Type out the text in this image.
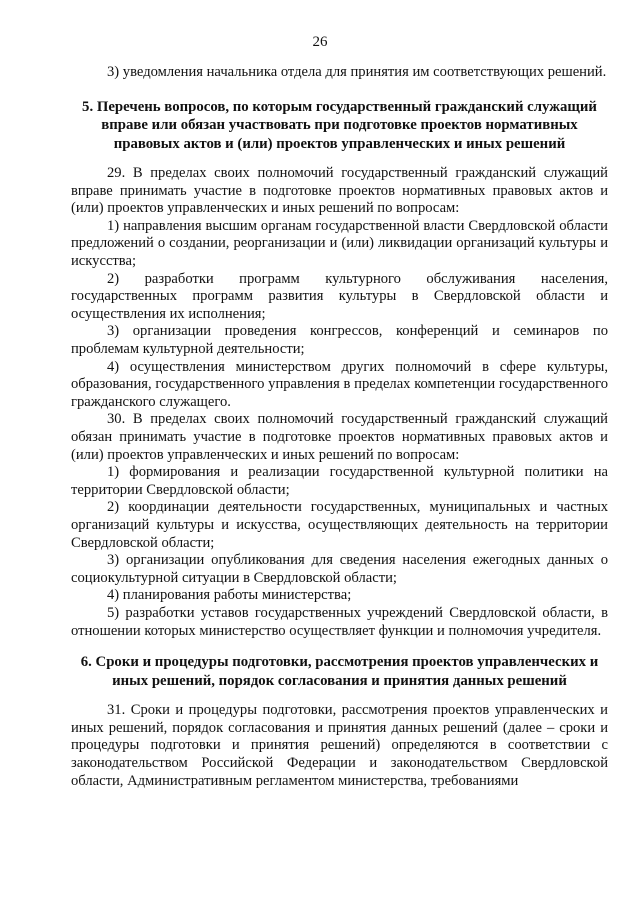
26

3) уведомления начальника отдела для принятия им соответствующих решений.

5. Перечень вопросов, по которым государственный гражданский служащий вправе или обязан участвовать при подготовке проектов нормативных правовых актов и (или) проектов управленческих и иных решений

29. В пределах своих полномочий государственный гражданский служащий вправе принимать участие в подготовке проектов нормативных правовых актов и (или) проектов управленческих и иных решений по вопросам:

1) направления высшим органам государственной власти Свердловской области предложений о создании, реорганизации и (или) ликвидации организаций культуры и искусства;

2) разработки программ культурного обслуживания населения, государственных программ развития культуры в Свердловской области и осуществления их исполнения;

3) организации проведения конгрессов, конференций и семинаров по проблемам культурной деятельности;

4) осуществления министерством других полномочий в сфере культуры, образования, государственного управления в пределах компетенции государственного гражданского служащего.

30. В пределах своих полномочий государственный гражданский служащий обязан принимать участие в подготовке проектов нормативных правовых актов и (или) проектов управленческих и иных решений по вопросам:

1) формирования и реализации государственной культурной политики на территории Свердловской области;

2) координации деятельности государственных, муниципальных и частных организаций культуры и искусства, осуществляющих деятельность на территории Свердловской области;

3) организации опубликования для сведения населения ежегодных данных о социокультурной ситуации в Свердловской области;

4) планирования работы министерства;

5) разработки уставов государственных учреждений Свердловской области, в отношении которых министерство осуществляет функции и полномочия учредителя.

6. Сроки и процедуры подготовки, рассмотрения проектов управленческих и иных решений, порядок согласования и принятия данных решений

31. Сроки и процедуры подготовки, рассмотрения проектов управленческих и иных решений, порядок согласования и принятия данных решений (далее – сроки и процедуры подготовки и принятия решений) определяются в соответствии с законодательством Российской Федерации и законодательством Свердловской области, Административным регламентом министерства, требованиями
